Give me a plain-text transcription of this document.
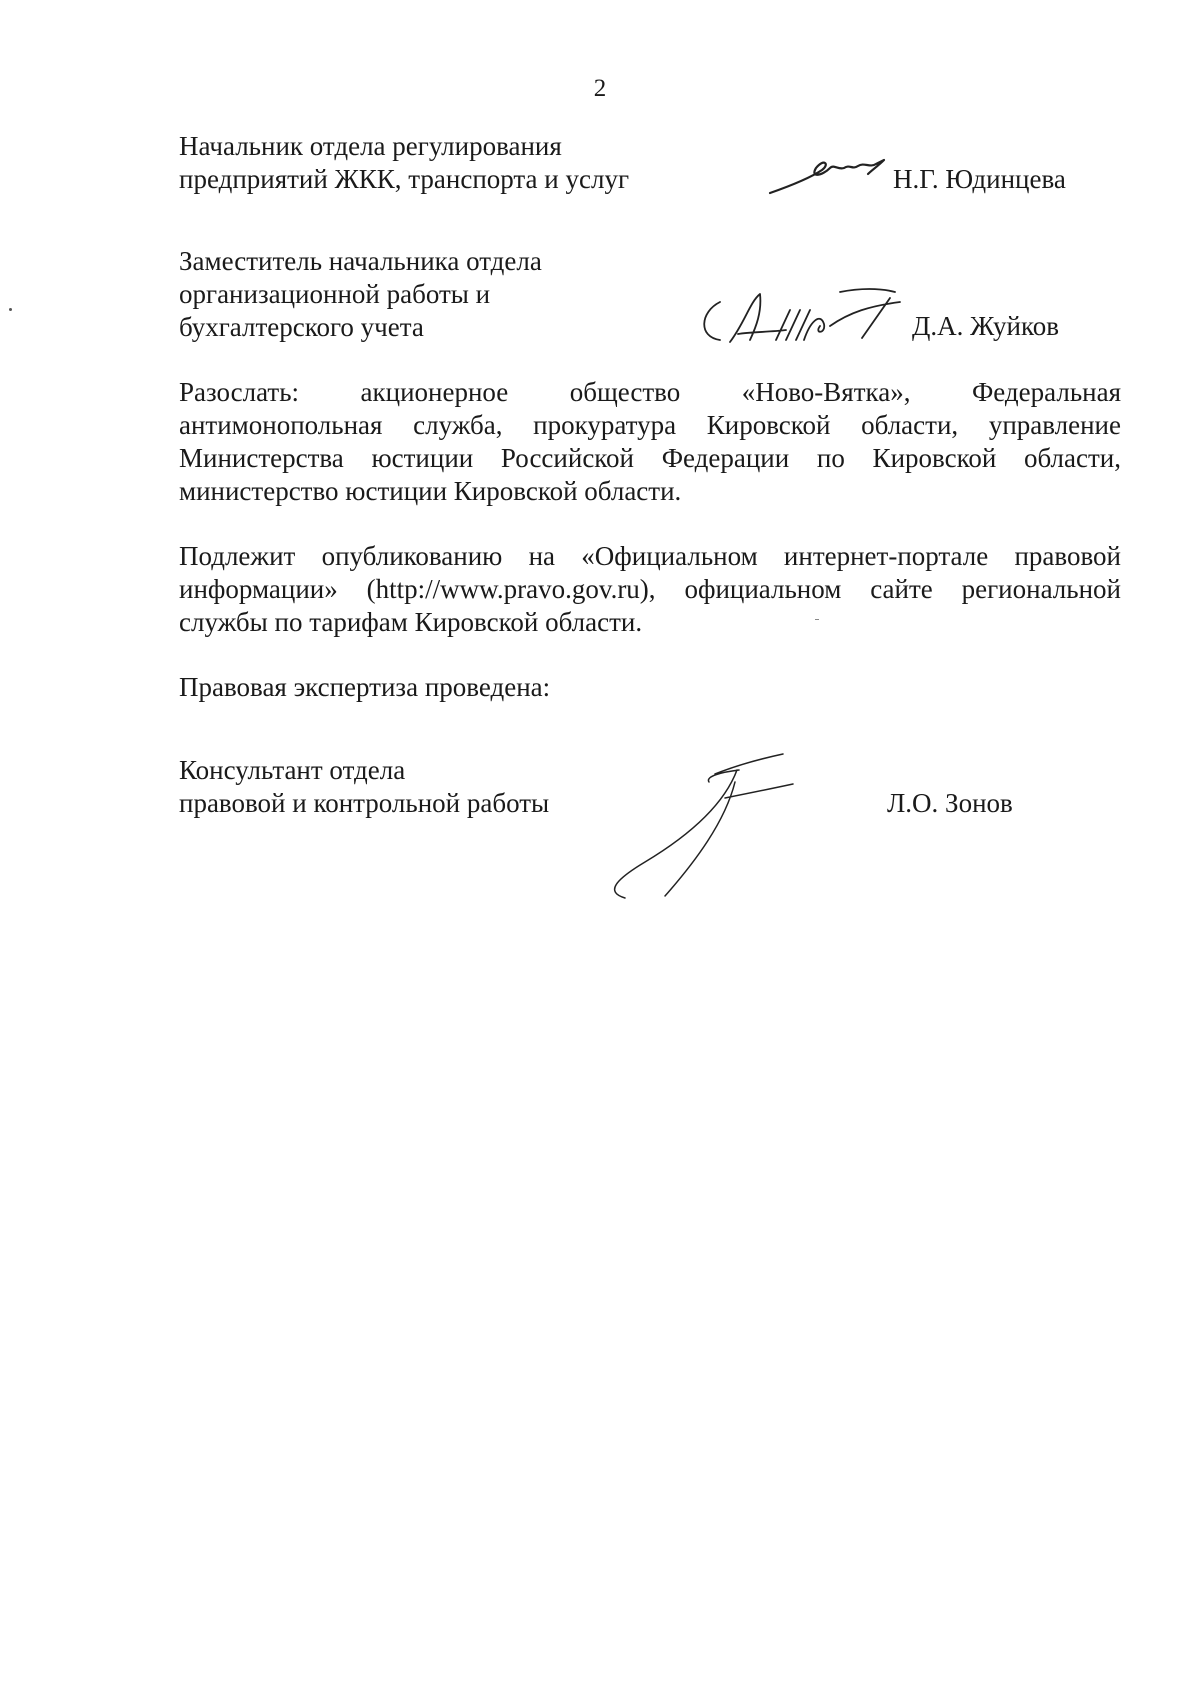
2
Начальник отдела регулирования
предприятий ЖКК, транспорта и услуг	Н.Г. Юдинцева
Заместитель начальника отдела
организационной работы и
бухгалтерского учета	Д.А. Жуйков
Разослать: акционерное общество «Ново-Вятка», Федеральная
антимонопольная служба, прокуратура Кировской области, управление Министерства юстиции Российской Федерации по Кировской области, министерство юстиции Кировской области.
Подлежит опубликованию на «Официальном интернет-портале правовой информации» (http://www.pravo.gov.ru), официальном сайте региональной службы по тарифам Кировской области.
Правовая экспертиза проведена:
Консультант отдела
правовой и контрольной работы	Л.О. Зонов
